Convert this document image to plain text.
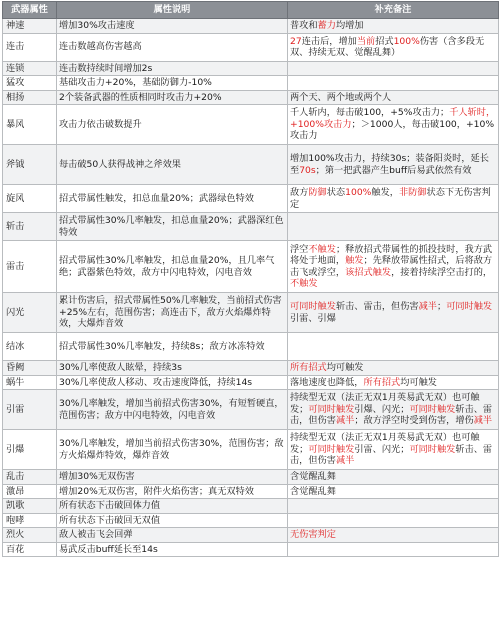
武器属性	属性说明	补充备注
神速	增加30%攻击速度	普攻和蓄力均增加
连击	连击数越高伤害越高	27连击后，增加当前招式100%伤害（含多段无双、持续无双、觉醒乱舞）
连锁	连击数持续时间增加2s	
猛攻	基础攻击力+20%，基础防御力-10%	
相扬	2个装备武器的性质相同时攻击力+20%	两个天、两个地或两个人
暴风	攻击力依击破数提升	千人斩内，每击破100，+5%攻击力；千人斩时，+100%攻击力；＞1000人，每击破100，+10%攻击力
斧钺	每击破50人获得战神之斧效果	增加100%攻击力，持续30s；装备阳炎时，延长至70s；第一把武器产生buff后易武依然有效
旋风	招式带属性触发，扣总血量20%；武器绿色特效	敌方防御状态100%触发，非防御状态下无伤害判定
斩击	招式带属性30%几率触发，扣总血量20%；武器深红色特效	
雷击	招式带属性30%几率触发，扣总血量20%，且几率气绝；武器紫色特效，敌方中闪电特效，闪电音效	浮空不触发；释放招式带属性的抓投技时，我方武将处于地面，触发；先释放带属性招式，后将敌方击飞或浮空，该招式触发，接着持续浮空击打的，不触发
闪光	累计伤害后，招式带属性50%几率触发，当前招式伤害+25%左右，范围伤害；高连击下，敌方火焰爆炸特效，大爆炸音效	可同时触发斩击、雷击，但伤害减半；可同时触发引雷、引爆
结冰	招式带属性30%几率触发，持续8s；敌方冰冻特效	
昏阙	30%几率使敌人眩晕，持续3s	所有招式均可触发
蜗牛	30%几率使敌人移动、攻击速度降低，持续14s	落地速度也降低，所有招式均可触发
引雷	30%几率触发，增加当前招式伤害30%，有短暂硬直，范围伤害；敌方中闪电特效，闪电音效	持续型无双（法正无双1月英易武无双）也可触发；可同时触发引爆、闪光；可同时触发斩击、雷击，但伤害减半；敌方浮空时受到伤害，增伤减半
引爆	30%几率触发，增加当前招式伤害30%，范围伤害；敌方火焰爆炸特效，爆炸音效	持续型无双（法正无双1月英易武无双）也可触发；可同时触发引雷、闪光；可同时触发斩击、雷击，但伤害减半
乱击	增加30%无双伤害	含觉醒乱舞
激昂	增加20%无双伤害，附件火焰伤害；真无双特效	含觉醒乱舞
凯歌	所有状态下击破回体力值	
咆哮	所有状态下击破回无双值	
烈火	敌人被击飞会回弹	无伤害判定
百花	易武反击buff延长至14s	
